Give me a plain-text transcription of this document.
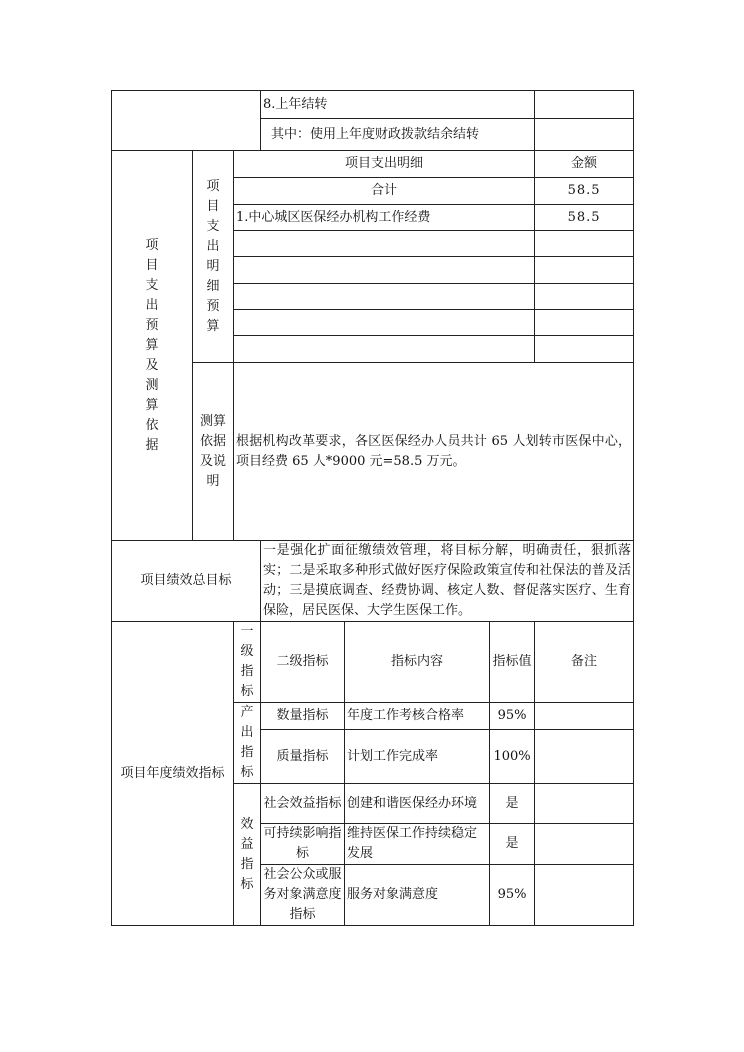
			8.上年结转			
			其中：使用上年度财政拨款结余结转			
项目支出预算及测算依据	项目支出明细预算	项目支出明细				金额
		合计				58.5
		1.中心城区医保经办机构工作经费				58.5

	测算依据及说明	根据机构改革要求，各区医保经办人员共计 65 人划转市医保中心，项目经费 65 人*9000 元=58.5 万元。				
项目绩效总目标			一是强化扩面征缴绩效管理，将目标分解，明确责任，狠抓落实；二是采取多种形式做好医疗保险政策宣传和社保法的普及活动；三是摸底调查、经费协调、核定人数、督促落实医疗、生育保险，居民医保、大学生医保工作。			
项目年度绩效指标		一级指标	二级指标	指标内容	指标值	备注
		产出指标	数量指标	年度工作考核合格率	95%	
			质量指标	计划工作完成率	100%	
		效益指标	社会效益指标	创建和谐医保经办环境	是	
			可持续影响指标	维持医保工作持续稳定发展	是	
			社会公众或服务对象满意度指标	服务对象满意度	95%	
